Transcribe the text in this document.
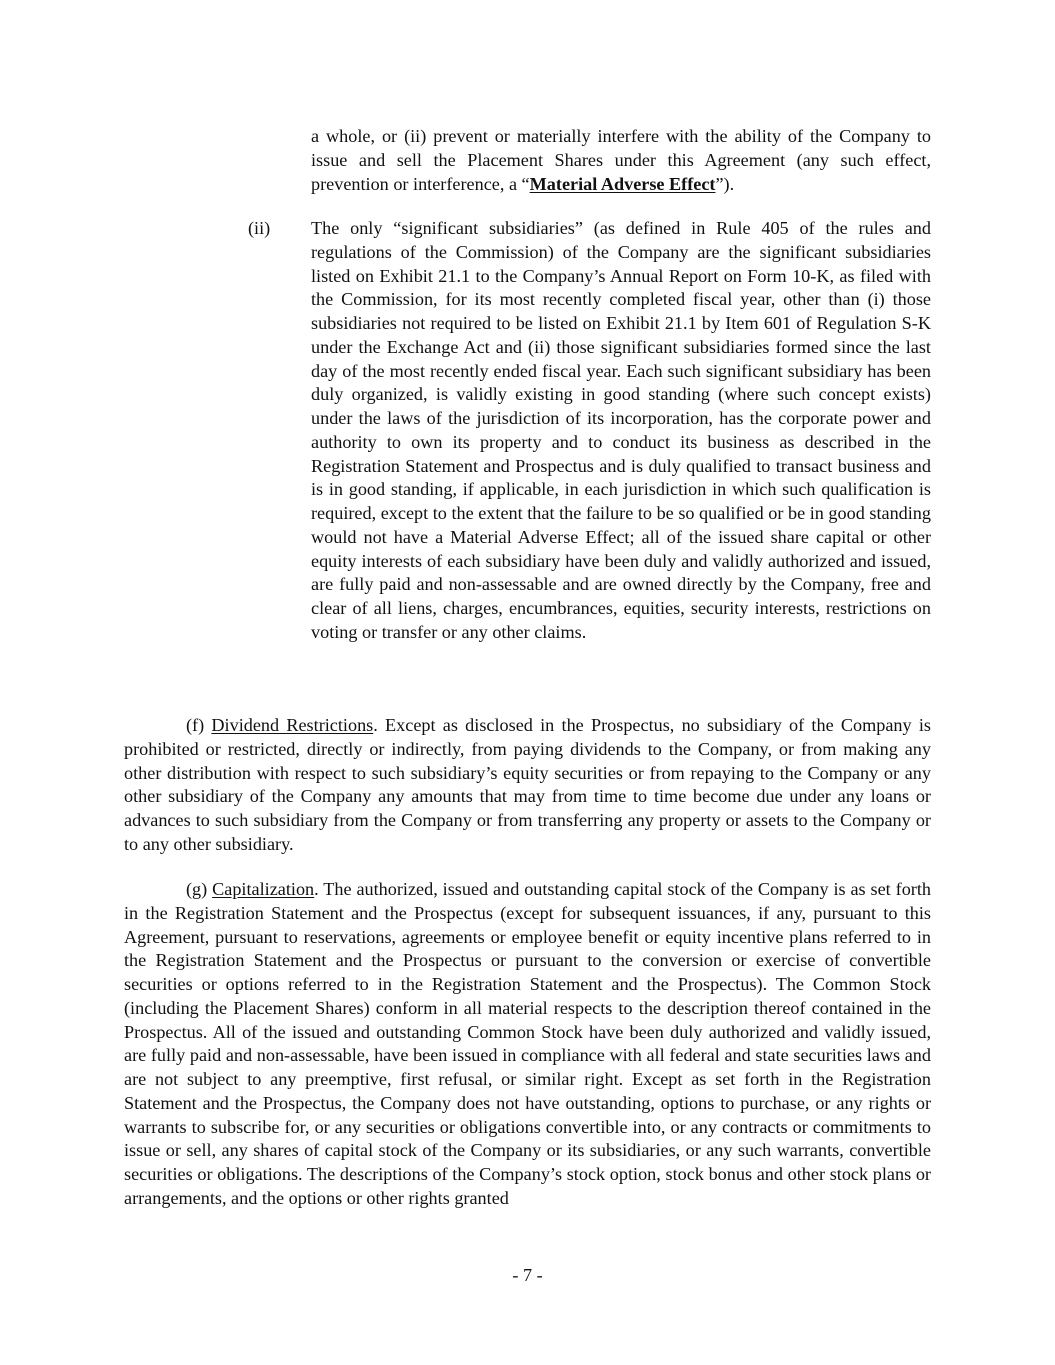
a whole, or (ii) prevent or materially interfere with the ability of the Company to issue and sell the Placement Shares under this Agreement (any such effect, prevention or interference, a “Material Adverse Effect”).

(ii) The only “significant subsidiaries” (as defined in Rule 405 of the rules and regulations of the Commission) of the Company are the significant subsidiaries listed on Exhibit 21.1 to the Company’s Annual Report on Form 10-K, as filed with the Commission, for its most recently completed fiscal year, other than (i) those subsidiaries not required to be listed on Exhibit 21.1 by Item 601 of Regulation S-K under the Exchange Act and (ii) those significant subsidiaries formed since the last day of the most recently ended fiscal year. Each such significant subsidiary has been duly organized, is validly existing in good standing (where such concept exists) under the laws of the jurisdiction of its incorporation, has the corporate power and authority to own its property and to conduct its business as described in the Registration Statement and Prospectus and is duly qualified to transact business and is in good standing, if applicable, in each jurisdiction in which such qualification is required, except to the extent that the failure to be so qualified or be in good standing would not have a Material Adverse Effect; all of the issued share capital or other equity interests of each subsidiary have been duly and validly authorized and issued, are fully paid and non-assessable and are owned directly by the Company, free and clear of all liens, charges, encumbrances, equities, security interests, restrictions on voting or transfer or any other claims.

(f) Dividend Restrictions. Except as disclosed in the Prospectus, no subsidiary of the Company is prohibited or restricted, directly or indirectly, from paying dividends to the Company, or from making any other distribution with respect to such subsidiary’s equity securities or from repaying to the Company or any other subsidiary of the Company any amounts that may from time to time become due under any loans or advances to such subsidiary from the Company or from transferring any property or assets to the Company or to any other subsidiary.

(g) Capitalization. The authorized, issued and outstanding capital stock of the Company is as set forth in the Registration Statement and the Prospectus (except for subsequent issuances, if any, pursuant to this Agreement, pursuant to reservations, agreements or employee benefit or equity incentive plans referred to in the Registration Statement and the Prospectus or pursuant to the conversion or exercise of convertible securities or options referred to in the Registration Statement and the Prospectus). The Common Stock (including the Placement Shares) conform in all material respects to the description thereof contained in the Prospectus. All of the issued and outstanding Common Stock have been duly authorized and validly issued, are fully paid and non-assessable, have been issued in compliance with all federal and state securities laws and are not subject to any preemptive, first refusal, or similar right. Except as set forth in the Registration Statement and the Prospectus, the Company does not have outstanding, options to purchase, or any rights or warrants to subscribe for, or any securities or obligations convertible into, or any contracts or commitments to issue or sell, any shares of capital stock of the Company or its subsidiaries, or any such warrants, convertible securities or obligations. The descriptions of the Company’s stock option, stock bonus and other stock plans or arrangements, and the options or other rights granted

- 7 -
